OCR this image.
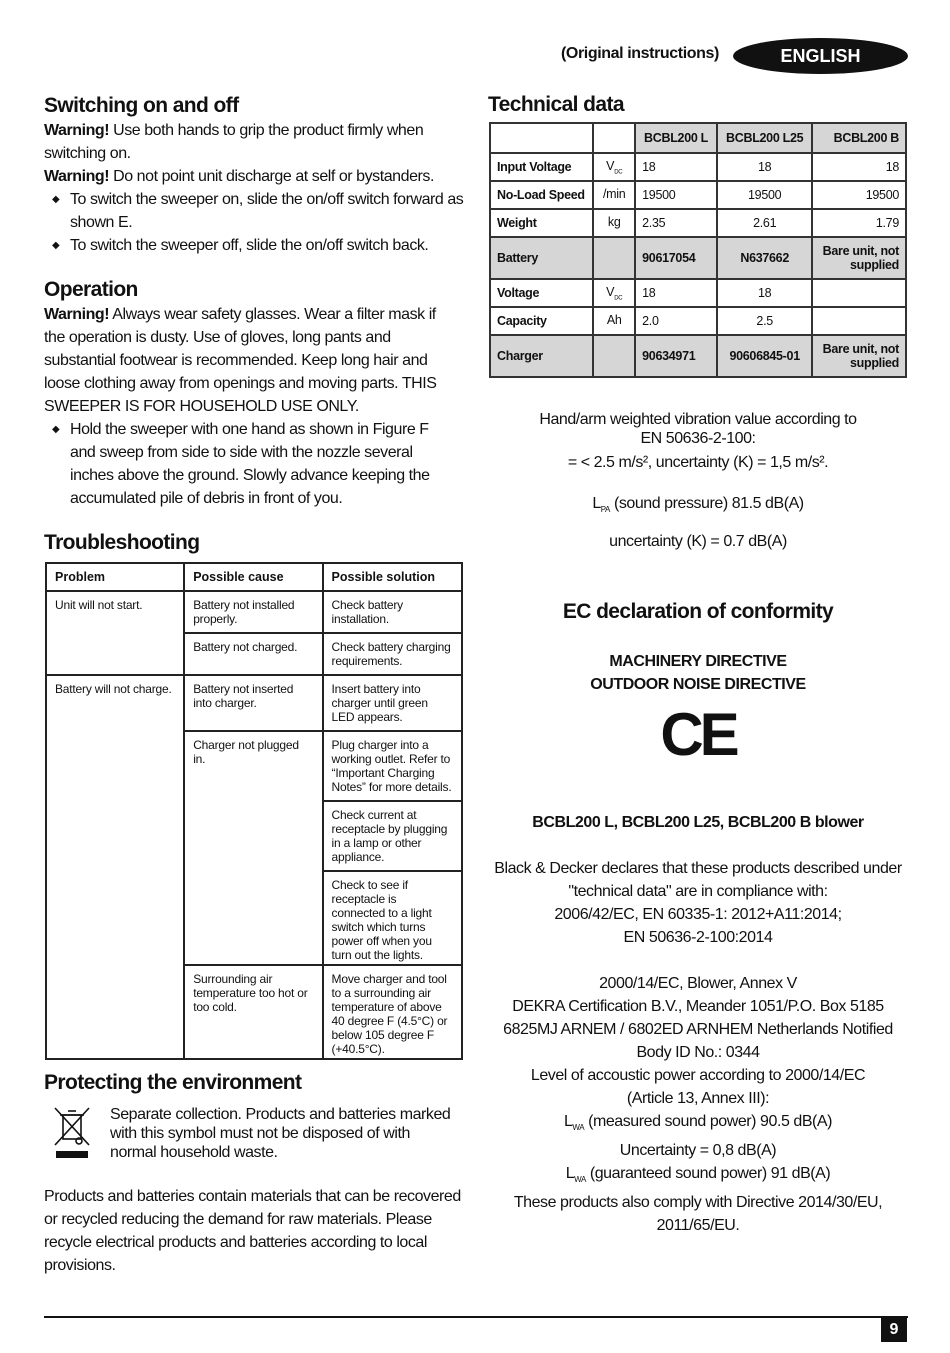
(Original instructions)	ENGLISH
Switching on and off
Warning! Use both hands to grip the product firmly when switching on.
Warning! Do not point unit discharge at self or bystanders.
◆ To switch the sweeper on, slide the on/off switch forward as shown E.
◆ To switch the sweeper off, slide the on/off switch back.
Operation
Warning! Always wear safety glasses. Wear a filter mask if the operation is dusty. Use of gloves, long pants and substantial footwear is recommended. Keep long hair and loose clothing away from openings and moving parts. THIS SWEEPER IS FOR HOUSEHOLD USE ONLY.
◆ Hold the sweeper with one hand as shown in Figure F and sweep from side to side with the nozzle several inches above the ground. Slowly advance keeping the accumulated pile of debris in front of you.
Troubleshooting
Problem	Possible cause	Possible solution
Unit will not start.	Battery not installed properly.	Check battery installation.
	Battery not charged.	Check battery charging requirements.
Battery will not charge.	Battery not inserted into charger.	Insert battery into charger until green LED appears.
	Charger not plugged in.	Plug charger into a working outlet. Refer to “Important Charging Notes” for more details.
		Check current at receptacle by plugging in a lamp or other appliance.
		Check to see if receptacle is connected to a light switch which turns power off when you turn out the lights.
	Surrounding air temperature too hot or too cold.	Move charger and tool to a surrounding air temperature of above 40 degree F (4.5°C) or below 105 degree F (+40.5°C).
Protecting the environment
Separate collection. Products and batteries marked with this symbol must not be disposed of with normal household waste.
Products and batteries contain materials that can be recovered or recycled reducing the demand for raw materials. Please recycle electrical products and batteries according to local provisions.
Technical data
		BCBL200 L	BCBL200 L25	BCBL200 B
Input Voltage	$V_{DC}$	18	18	18
No-Load Speed	/min	19500	19500	19500
Weight	kg	2.35	2.61	1.79
Battery		90617054	N637662	Bare unit, not supplied
Voltage	$V_{DC}$	18	18	
Capacity	Ah	2.0	2.5	
Charger		90634971	90606845-01	Bare unit, not supplied
Hand/arm weighted vibration value according to
EN 50636-2-100:
= < 2.5 m/s², uncertainty (K) = 1,5 m/s².
$L_{PA}$ (sound pressure) 81.5 dB(A)
uncertainty (K) = 0.7 dB(A)
EC declaration of conformity
MACHINERY DIRECTIVE
OUTDOOR NOISE DIRECTIVE
CE
BCBL200 L, BCBL200 L25, BCBL200 B blower
Black & Decker declares that these products described under
"technical data" are in compliance with:
2006/42/EC, EN 60335-1: 2012+A11:2014;
EN 50636-2-100:2014
2000/14/EC, Blower, Annex V
DEKRA Certification B.V., Meander 1051/P.O. Box 5185
6825MJ ARNEM / 6802ED ARNHEM Netherlands Notified
Body ID No.: 0344
Level of accoustic power according to 2000/14/EC
(Article 13, Annex III):
$L_{WA}$ (measured sound power) 90.5 dB(A)
Uncertainty = 0,8 dB(A)
$L_{WA}$ (guaranteed sound power) 91 dB(A)
These products also comply with Directive 2014/30/EU,
2011/65/EU.
9
